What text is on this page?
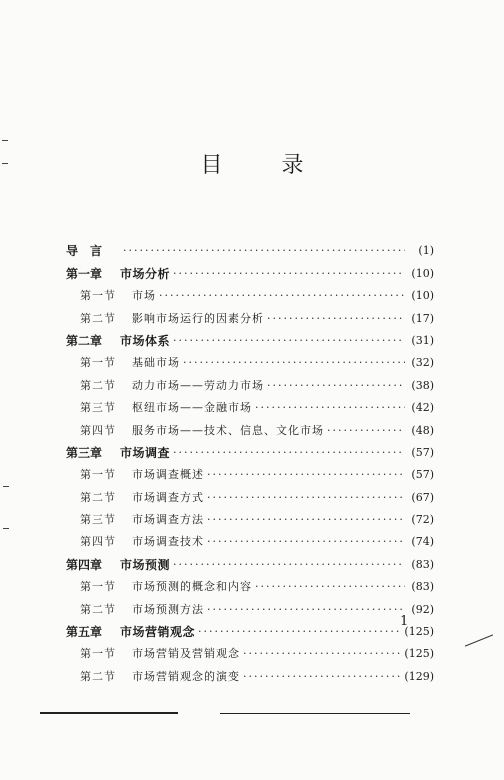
目 录
导　言 ·····	(1)
第一章	市场分析 ·····	(10)
第一节	市场 ·····	(10)
第二节	影响市场运行的因素分析 ·····	(17)
第二章	市场体系 ·····	(31)
第一节	基础市场 ·····	(32)
第二节	动力市场——劳动力市场 ·····	(38)
第三节	枢纽市场——金融市场 ·····	(42)
第四节	服务市场——技术、信息、文化市场 ·····	(48)
第三章	市场调查 ·····	(57)
第一节	市场调查概述 ·····	(57)
第二节	市场调查方式 ·····	(67)
第三节	市场调查方法 ·····	(72)
第四节	市场调查技术 ·····	(74)
第四章	市场预测 ·····	(83)
第一节	市场预测的概念和内容 ·····	(83)
第二节	市场预测方法 ·····	(92)
第五章	市场营销观念 ·····	(125)
第一节	市场营销及营销观念 ·····	(125)
第二节	市场营销观念的演变 ·····	(129)
1
